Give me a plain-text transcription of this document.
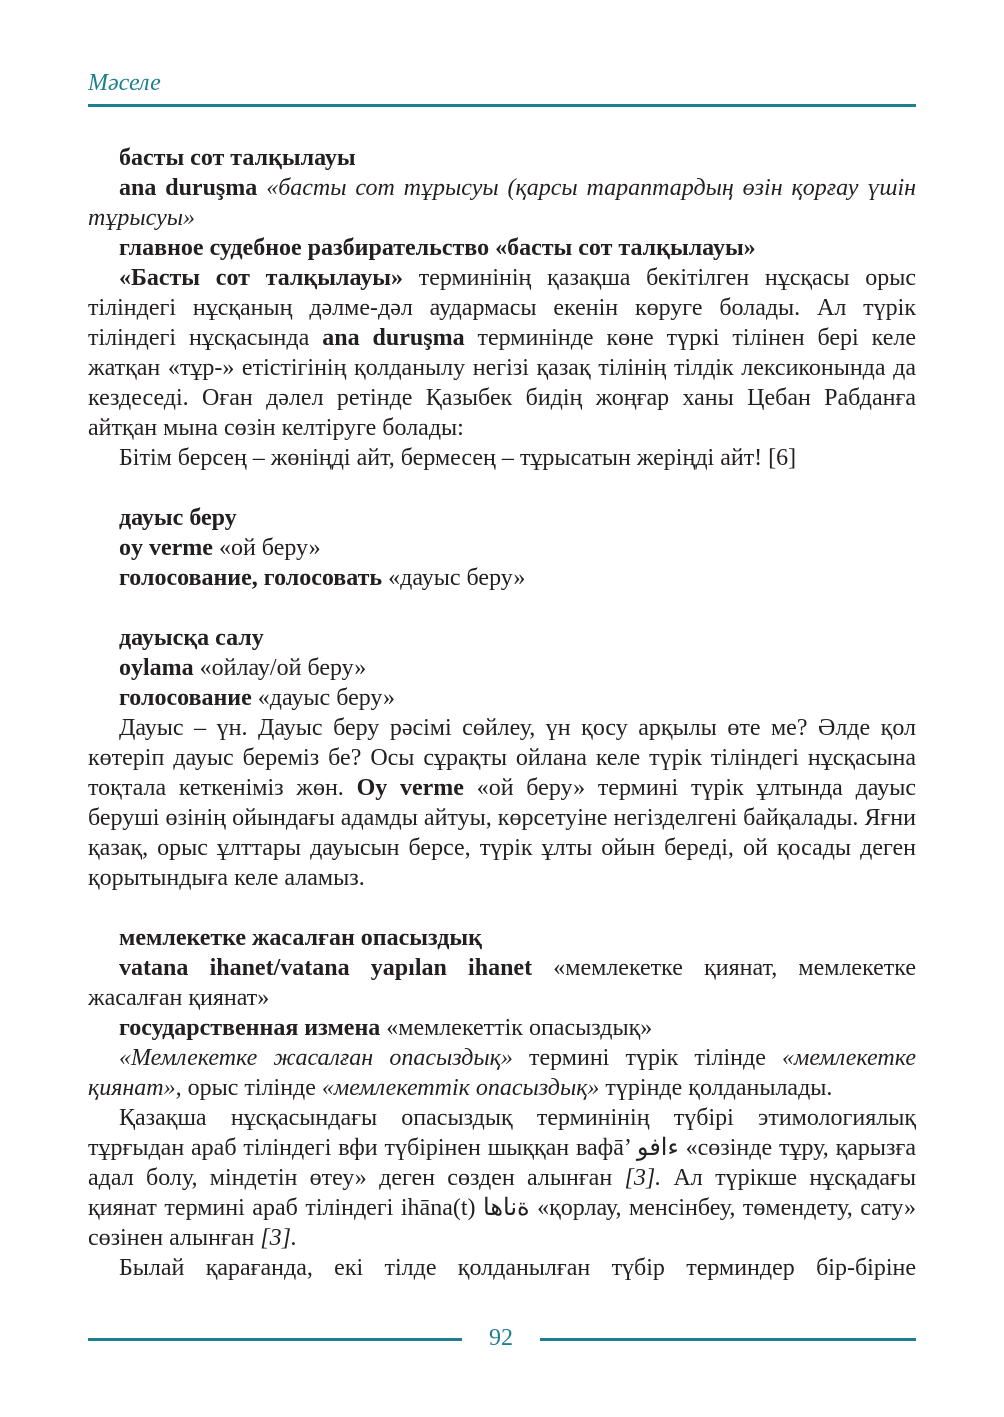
Мәселе

басты сот талқылауы

ana duruşma «басты сот тұрысуы (қарсы тараптардың өзін қорғау үшін тұрысуы»

главное судебное разбирательство «басты сот талқылауы»

«Басты сот талқылауы» терминінің қазақша бекітілген нұсқасы орыс тіліндегі нұсқаның дәлме-дәл аудармасы екенін көруге болады. Ал түрік тіліндегі нұсқасында ana duruşma терминінде көне түркі тілінен бері келе жатқан «тұр-» етістігінің қолданылу негізі қазақ тілінің тілдік лексиконында да кездеседі. Оған дәлел ретінде Қазыбек бидің жоңғар ханы Цебан Рабданға айтқан мына сөзін келтіруге болады:

Бітім берсең – жөніңді айт, бермесең – тұрысатын жеріңді айт! [6]

дауыс беру

oy verme «ой беру»

голосование, голосовать «дауыс беру»

дауысқа салу

oylama «ойлау/ой беру»

голосование «дауыс беру»

Дауыс – үн. Дауыс беру рәсімі сөйлеу, үн қосу арқылы өте ме? Әлде қол көтеріп дауыс береміз бе? Осы сұрақты ойлана келе түрік тіліндегі нұсқасына тоқтала кеткеніміз жөн. Oy verme «ой беру» термині түрік ұлтында дауыс беруші өзінің ойындағы адамды айтуы, көрсетуіне негізделгені байқалады. Яғни қазақ, орыс ұлттары дауысын берсе, түрік ұлты ойын береді, ой қосады деген қорытындыға келе аламыз.

мемлекетке жасалған опасыздық

vatana ihanet/vatana yapılan ihanet «мемлекетке қиянат, мемлекетке жасалған қиянат»

государственная измена «мемлекеттік опасыздық»

«Мемлекетке жасалған опасыздық» термині түрік тілінде «мемлекетке қиянат», орыс тілінде «мемлекеттік опасыздық» түрінде қолданылады.

Қазақша нұсқасындағы опасыздық терминінің түбірі этимологиялық тұрғыдан араб тіліндегі вфи түбірінен шыққан вафā’ ءافو «сөзінде тұру, қарызға адал болу, міндетін өтеу» деген сөзден алынған [3]. Ал түрікше нұсқадағы қиянат термині араб тіліндегі ihāna(t) ةناها «қорлау, менсінбеу, төмендету, сату» сөзінен алынған [3].

Былай қарағанда, екі тілде қолданылған түбір терминдер бір-біріне

92
